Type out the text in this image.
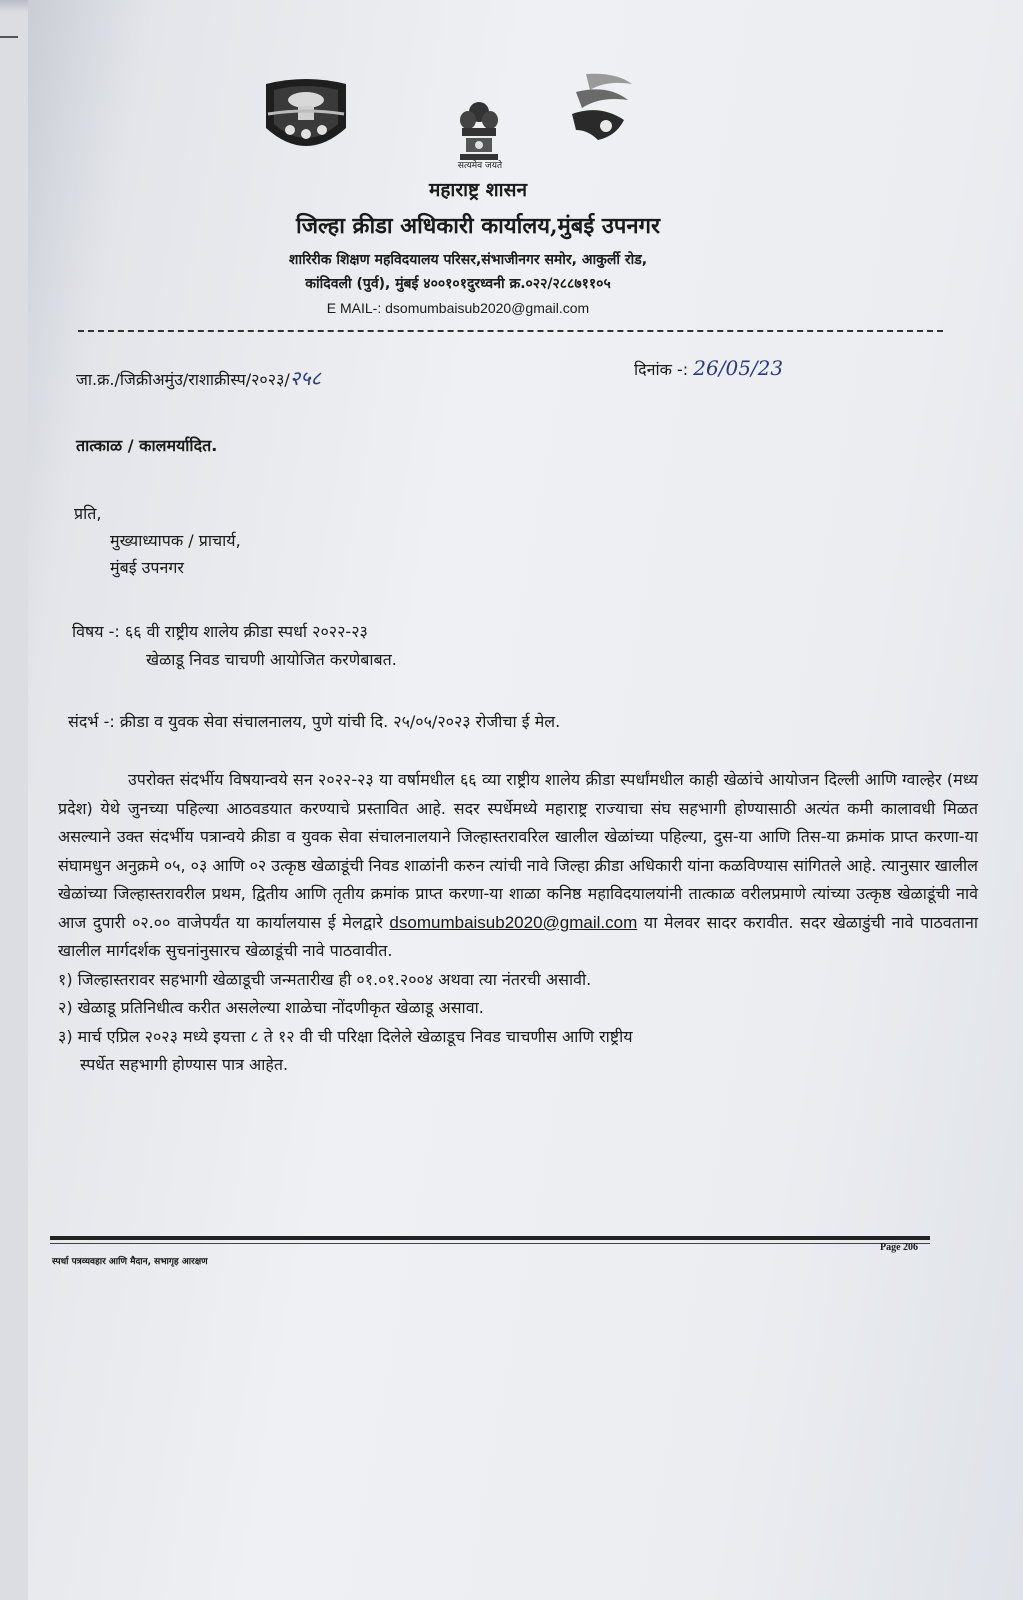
सत्यमेव जयते
महाराष्ट्र शासन
जिल्हा क्रीडा अधिकारी कार्यालय,मुंबई उपनगर
शारिरीक शिक्षण महविदयालय परिसर,संभाजीनगर समोर, आकुर्ली रोड,
कांदिवली (पुर्व), मुंबई ४००१०१दुरध्वनी क्र.०२२/२८८७११०५
E MAIL-: dsomumbaisub2020@gmail.com
जा.क्र./जिक्रीअमुंउ/राशाक्रीस्प/२०२३/२५८	दिनांक -: 26/05/23
तात्काळ / कालमर्यादित.
प्रति,
मुख्याध्यापक / प्राचार्य,
मुंबई उपनगर
विषय -: ६६ वी राष्ट्रीय शालेय क्रीडा स्पर्धा २०२२-२३
खेळाडू निवड चाचणी आयोजित करणेबाबत.
संदर्भ -: क्रीडा व युवक सेवा संचालनालय, पुणे यांची दि. २५/०५/२०२३ रोजीचा ई मेल.

उपरोक्त संदर्भीय विषयान्वये सन २०२२-२३ या वर्षामधील ६६ व्या राष्ट्रीय शालेय क्रीडा स्पर्धांमधील काही खेळांचे आयोजन दिल्ली आणि ग्वाल्हेर (मध्य प्रदेश) येथे जुनच्या पहिल्या आठवडयात करण्याचे प्रस्तावित आहे. सदर स्पर्धेमध्ये महाराष्ट्र राज्याचा संघ सहभागी होण्यासाठी अत्यंत कमी कालावधी मिळत असल्याने उक्त संदर्भीय पत्रान्वये क्रीडा व युवक सेवा संचालनालयाने जिल्हास्तरावरिल खालील खेळांच्या पहिल्या, दुस-या आणि तिस-या क्रमांक प्राप्त करणा-या संघामधुन अनुक्रमे ०५, ०३ आणि ०२ उत्कृष्ठ खेळाडूंची निवड शाळांनी करुन त्यांची नावे जिल्हा क्रीडा अधिकारी यांना कळविण्यास सांगितले आहे. त्यानुसार खालील खेळांच्या जिल्हास्तरावरील प्रथम, द्वितीय आणि तृतीय क्रमांक प्राप्त करणा-या शाळा कनिष्ठ महाविदयालयांनी तात्काळ वरीलप्रमाणे त्यांच्या उत्कृष्ठ खेळाडूंची नावे आज दुपारी ०२.०० वाजेपर्यंत या कार्यालयास ई मेलद्वारे dsomumbaisub2020@gmail.com या मेलवर सादर करावीत. सदर खेळाडुंची नावे पाठवताना खालील मार्गदर्शक सुचनांनुसारच खेळाडूंची नावे पाठवावीत.

१) जिल्हास्तरावर सहभागी खेळाडूची जन्मतारीख ही ०१.०१.२००४ अथवा त्या नंतरची असावी.

२) खेळाडू प्रतिनिधीत्व करीत असलेल्या शाळेचा नोंदणीकृत खेळाडू असावा.

३) मार्च एप्रिल २०२३ मध्ये इयत्ता ८ ते १२ वी ची परिक्षा दिलेले खेळाडूच निवड चाचणीस आणि राष्ट्रीय

स्पर्धेत सहभागी होण्यास पात्र आहेत.

स्पर्धा पत्रव्यवहार आणि मैदान, सभागृह आरक्षण
Page 206
